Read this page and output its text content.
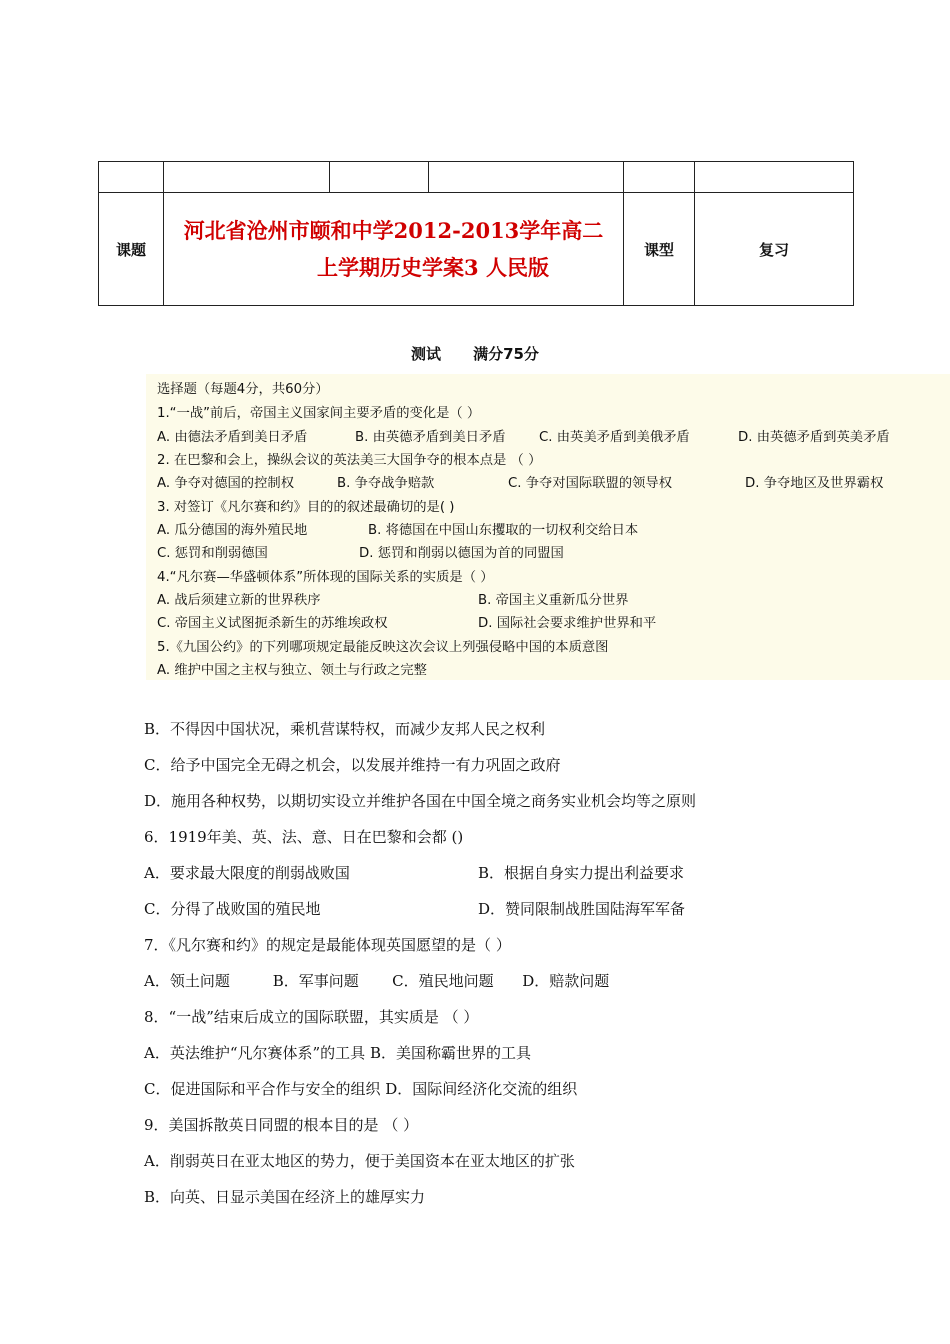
课题	河北省沧州市颐和中学2012-2013学年高二
上学期历史学案3 人民版			课型	复习
测试 满分75分
选择题（每题4分，共60分）
1.“一战”前后，帝国主义国家间主要矛盾的变化是（ ）
A. 由德法矛盾到美日矛盾	B. 由英德矛盾到美日矛盾	C. 由英美矛盾到美俄矛盾	D. 由英德矛盾到英美矛盾
2. 在巴黎和会上，操纵会议的英法美三大国争夺的根本点是 （ ）
A. 争夺对德国的控制权	B. 争夺战争赔款	C. 争夺对国际联盟的领导权	D. 争夺地区及世界霸权
3. 对签订《凡尔赛和约》目的的叙述最确切的是( )
A. 瓜分德国的海外殖民地	B. 将德国在中国山东攫取的一切权利交给日本
C. 惩罚和削弱德国	D. 惩罚和削弱以德国为首的同盟国
4.“凡尔赛—华盛顿体系”所体现的国际关系的实质是（ ）
A. 战后须建立新的世界秩序	B. 帝国主义重新瓜分世界
C. 帝国主义试图扼杀新生的苏维埃政权	D. 国际社会要求维护世界和平
5.《九国公约》的下列哪项规定最能反映这次会议上列强侵略中国的本质意图
A. 维护中国之主权与独立、领土与行政之完整
B．不得因中国状况，乘机营谋特权，而减少友邦人民之权利
C．给予中国完全无碍之机会，以发展并维持一有力巩固之政府
D．施用各种权势，以期切实设立并维护各国在中国全境之商务实业机会均等之原则
6．1919年美、英、法、意、日在巴黎和会都 ()
A．要求最大限度的削弱战败国	B．根据自身实力提出利益要求
C．分得了战败国的殖民地	D．赞同限制战胜国陆海军军备
7．《凡尔赛和约》的规定是最能体现英国愿望的是（ ）
A．领土问题         B．军事问题       C．殖民地问题      D．赔款问题
8．“一战”结束后成立的国际联盟，其实质是 （ ）
A．英法维护“凡尔赛体系”的工具 B．美国称霸世界的工具
C．促进国际和平合作与安全的组织 D．国际间经济化交流的组织
9．美国拆散英日同盟的根本目的是 （ ）
A．削弱英日在亚太地区的势力，便于美国资本在亚太地区的扩张
B．向英、日显示美国在经济上的雄厚实力
